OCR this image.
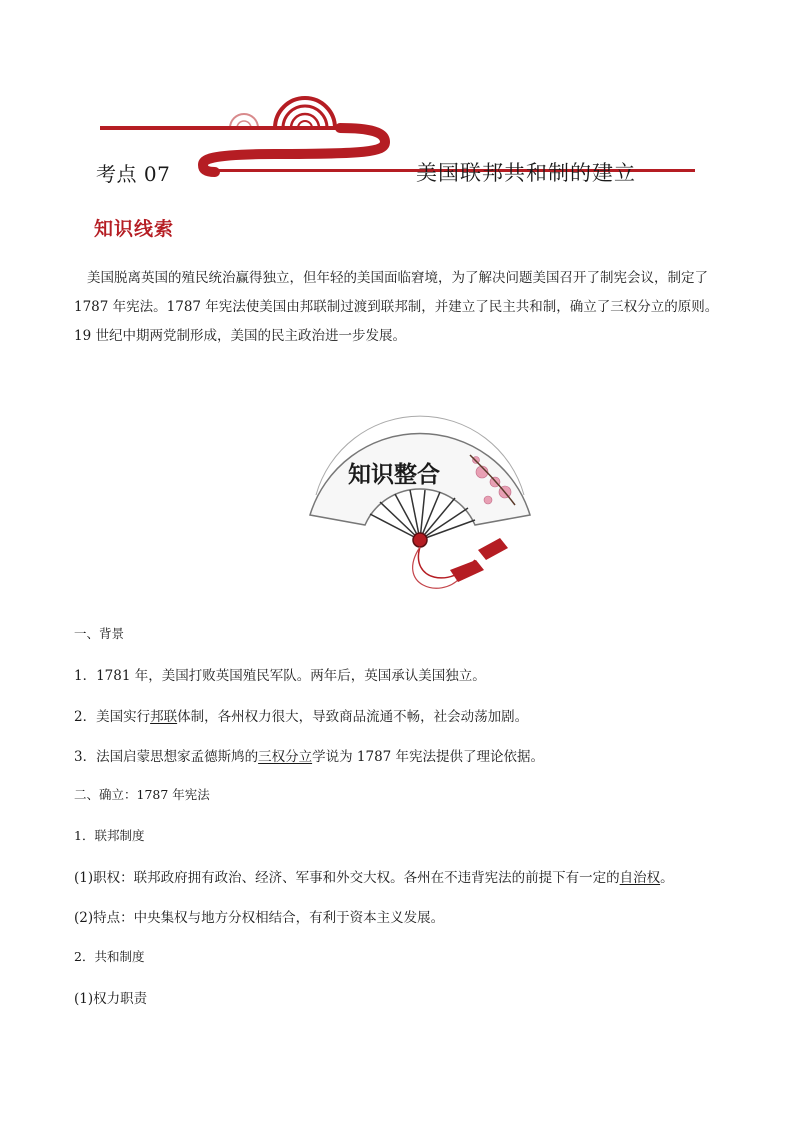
考点 07	美国联邦共和制的建立
知识线索
美国脱离英国的殖民统治赢得独立，但年轻的美国面临窘境，为了解决问题美国召开了制宪会议，制定了 1787 年宪法。1787 年宪法使美国由邦联制过渡到联邦制，并建立了民主共和制，确立了三权分立的原则。19 世纪中期两党制形成，美国的民主政治进一步发展。
知识整合
一、背景
1．1781 年，美国打败英国殖民军队。两年后，英国承认美国独立。
2．美国实行邦联体制，各州权力很大，导致商品流通不畅，社会动荡加剧。
3．法国启蒙思想家孟德斯鸠的三权分立学说为 1787 年宪法提供了理论依据。
二、确立：1787 年宪法
1．联邦制度
(1)职权：联邦政府拥有政治、经济、军事和外交大权。各州在不违背宪法的前提下有一定的自治权。
(2)特点：中央集权与地方分权相结合，有利于资本主义发展。
2．共和制度
(1)权力职责
